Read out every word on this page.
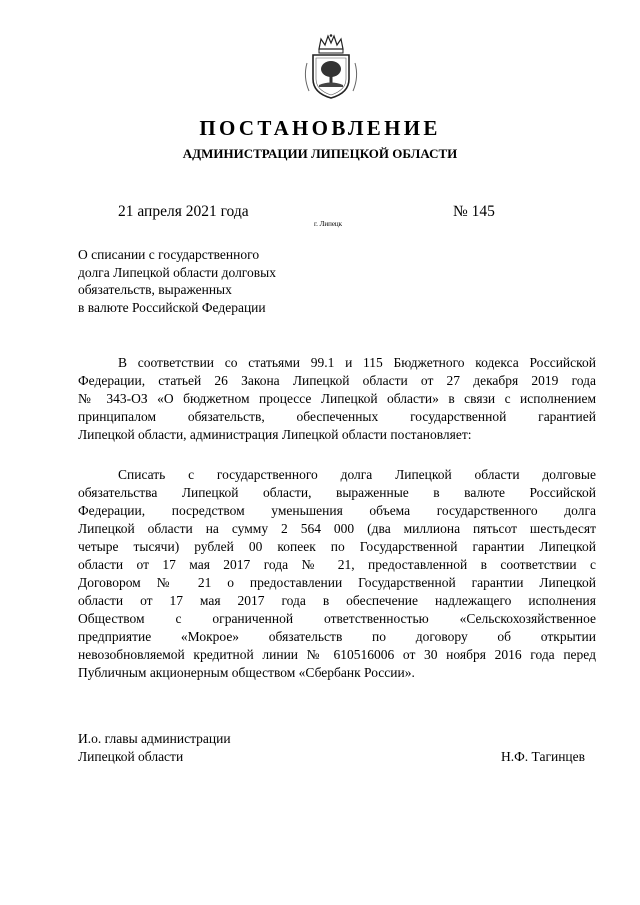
ПОСТАНОВЛЕНИЕ
АДМИНИСТРАЦИИ ЛИПЕЦКОЙ ОБЛАСТИ
21 апреля 2021 года
г. Липецк
№ 145
О списании с государственного
долга Липецкой области долговых
обязательств, выраженных
в валюте Российской Федерации
В соответствии со статьями 99.1 и 115 Бюджетного кодекса Российской
Федерации, статьей 26 Закона Липецкой области от 27 декабря 2019 года
№ 343-ОЗ «О бюджетном процессе Липецкой области» в связи с исполнением
принципалом обязательств, обеспеченных государственной гарантией
Липецкой области, администрация Липецкой области постановляет:
Списать с государственного долга Липецкой области долговые
обязательства Липецкой области, выраженные в валюте Российской
Федерации, посредством уменьшения объема государственного долга
Липецкой области на сумму 2 564 000 (два миллиона пятьсот шестьдесят
четыре тысячи) рублей 00 копеек по Государственной гарантии Липецкой
области от 17 мая 2017 года № 21, предоставленной в соответствии с
Договором № 21 о предоставлении Государственной гарантии Липецкой
области от 17 мая 2017 года в обеспечение надлежащего исполнения
Обществом с ограниченной ответственностью «Сельскохозяйственное
предприятие «Мокрое» обязательств по договору об открытии
невозобновляемой кредитной линии № 610516006 от 30 ноября 2016 года перед
Публичным акционерным обществом «Сбербанк России».
И.о. главы администрации
Липецкой области	Н.Ф. Тагинцев
